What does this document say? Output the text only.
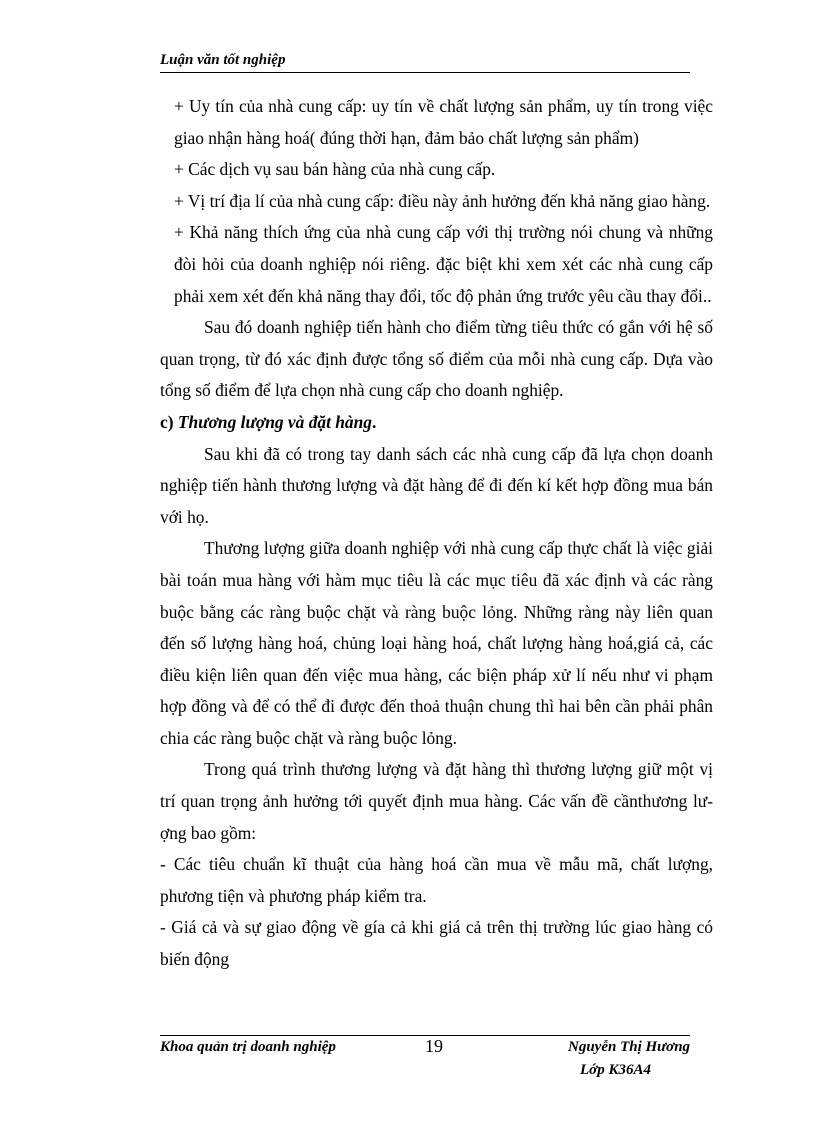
Luận văn tốt nghiệp

+ Uy tín của nhà cung cấp: uy tín về chất lượng sản phẩm, uy tín trong việc giao nhận hàng hoá( đúng thời hạn, đảm bảo chất lượng sản phẩm)

+ Các dịch vụ sau bán hàng của nhà cung cấp.

+ Vị trí địa lí của nhà cung cấp: điều này ảnh hưởng đến khả năng giao hàng.

+ Khả năng thích ứng của nhà cung cấp với thị trường nói chung và những đòi hỏi của doanh nghiệp nói riêng. đặc biệt khi xem xét các nhà cung cấp phải xem xét đến khả năng thay đổi, tốc độ phản ứng trước yêu cầu thay đổi..

Sau đó doanh nghiệp tiến hành cho điểm từng tiêu thức có gắn với hệ số quan trọng, từ đó xác định được tổng số điểm của mỗi nhà cung cấp. Dựa vào tổng số điểm để lựa chọn nhà cung cấp cho doanh nghiệp.

c) Thương lượng và đặt hàng.

Sau khi đã có trong tay danh sách các nhà cung cấp đã lựa chọn doanh nghiệp tiến hành thương lượng và đặt hàng để đi đến kí kết hợp đồng mua bán với họ.

Thương lượng giữa doanh nghiệp với nhà cung cấp thực chất là việc giải bài toán mua hàng với hàm mục tiêu là các mục tiêu đã xác định và các ràng buộc bằng các ràng buộc chặt và ràng buộc lỏng. Những ràng này liên quan đến số lượng hàng hoá, chủng loại hàng hoá, chất lượng hàng hoá,giá cả, các điều kiện liên quan đến việc mua hàng, các biện pháp xử lí nếu như vi phạm hợp đồng và để có thể đi được đến thoả thuận chung thì hai bên cần phải phân chia các ràng buộc chặt và ràng buộc lỏng.

Trong quá trình thương lượng và đặt hàng thì thương lượng giữ một vị trí quan trọng ảnh hưởng tới quyết định mua hàng. Các vấn đề cầnthương lượng bao gồm:

- Các tiêu chuẩn kĩ thuật của hàng hoá cần mua về mẫu mã, chất lượng, phương tiện và phương pháp kiểm tra.

- Giá cả và sự giao động về gía cả khi giá cả trên thị trường lúc giao hàng có biến động

Khoa quản trị doanh nghiệp	19	Nguyễn Thị Hương
Lớp K36A4
